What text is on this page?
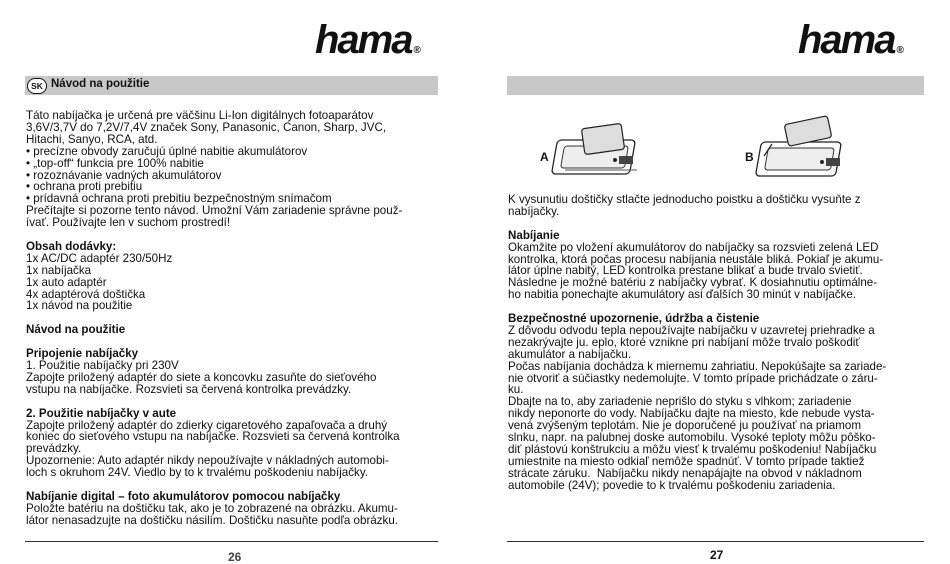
hama ®
SK Návod na použitie
Táto nabíjačka je určená pre väčšinu Li-Ion digitálnych fotoaparátov
3,6V/3,7V do 7,2V/7,4V značek Sony, Panasonic, Canon, Sharp, JVC,
Hitachi, Sanyo, RCA, atd.
• precízne obvody zaručujú úplné nabitie akumulátorov
• „top-off“ funkcia pre 100% nabitie
• rozoznávanie vadných akumulátorov
• ochrana proti prebitiu
• prídavná ochrana proti prebitiu bezpečnostným snímačom
Prečítajte si pozorne tento návod. Umožní Vám zariadenie správne použ-
ívať. Používajte len v suchom prostredí!
Obsah dodávky:
1x AC/DC adaptér 230/50Hz
1x nabíjačka
1x auto adaptér
4x adaptérová doštička
1x návod na použitie
Návod na použitie
Pripojenie nabíjačky
1. Použitie nabíjačky pri 230V
Zapojte priložený adaptér do siete a koncovku zasuňte do sieťového
vstupu na nabíjačke. Rozsvieti sa červená kontrolka prevádzky.
2. Použitie nabíjačky v aute
Zapojte priložený adaptér do zdierky cigaretového zapaľovača a druhý
koniec do sieťového vstupu na nabíjačke. Rozsvieti sa červená kontrolka
prevádzky.
Upozornenie: Auto adaptér nikdy nepoužívajte v nákladných automobi-
loch s okruhom 24V. Viedlo by to k trvalému poškodeniu nabíjačky.
Nabíjanie digital – foto akumulátorov pomocou nabíjačky
Položte batériu na doštičku tak, ako je to zobrazené na obrázku. Akumu-
látor nenasadzujte na doštičku násilím. Doštičku nasuňte podľa obrázku.
26
hama ®
A	B
K vysunutiu doštičky stlačte jednoducho poistku a doštičku vysuňte z
nabíjačky.
Nabíjanie
Okamžite po vložení akumulátorov do nabíjačky sa rozsvieti zelená LED
kontrolka, ktorá počas procesu nabíjania neustále bliká. Pokiaľ je akumu-
látor úplne nabitý, LED kontrolka prestane blikať a bude trvalo svietiť.
Následne je možné batériu z nabíjačky vybrať. K dosiahnutiu optimálne-
ho nabitia ponechajte akumulátory asi ďalších 30 minút v nabíjačke.
Bezpečnostné upozornenie, údržba a čistenie
Z dôvodu odvodu tepla nepoužívajte nabíjačku v uzavretej priehradke a
nezakrývajte ju. eplo, ktoré vznikne pri nabíjaní môže trvalo poškodiť
akumulátor a nabíjačku.
Počas nabíjania dochádza k miernemu zahriatiu. Nepokúšajte sa zariade-
nie otvoriť a súčiastky nedemolujte. V tomto prípade prichádzate o záru-
ku.
Dbajte na to, aby zariadenie neprišlo do styku s vlhkom; zariadenie
nikdy neponorte do vody. Nabíjačku dajte na miesto, kde nebude vysta-
vená zvýšeným teplotám. Nie je doporučené ju používať na priamom
slnku, napr. na palubnej doske automobilu. Vysoké teploty môžu pôško-
diť plástovú konštrukciu a môžu viesť k trvalému poškodeniu! Nabíjačku
umiestnite na miesto odkiaľ nemôže spadnúť. V tomto prípade taktiež
strácate záruku.  Nabíjačku nikdy nenapájajte na obvod v nákladnom
automobile (24V); povedie to k trvalému poškodeniu zariadenia.
27
